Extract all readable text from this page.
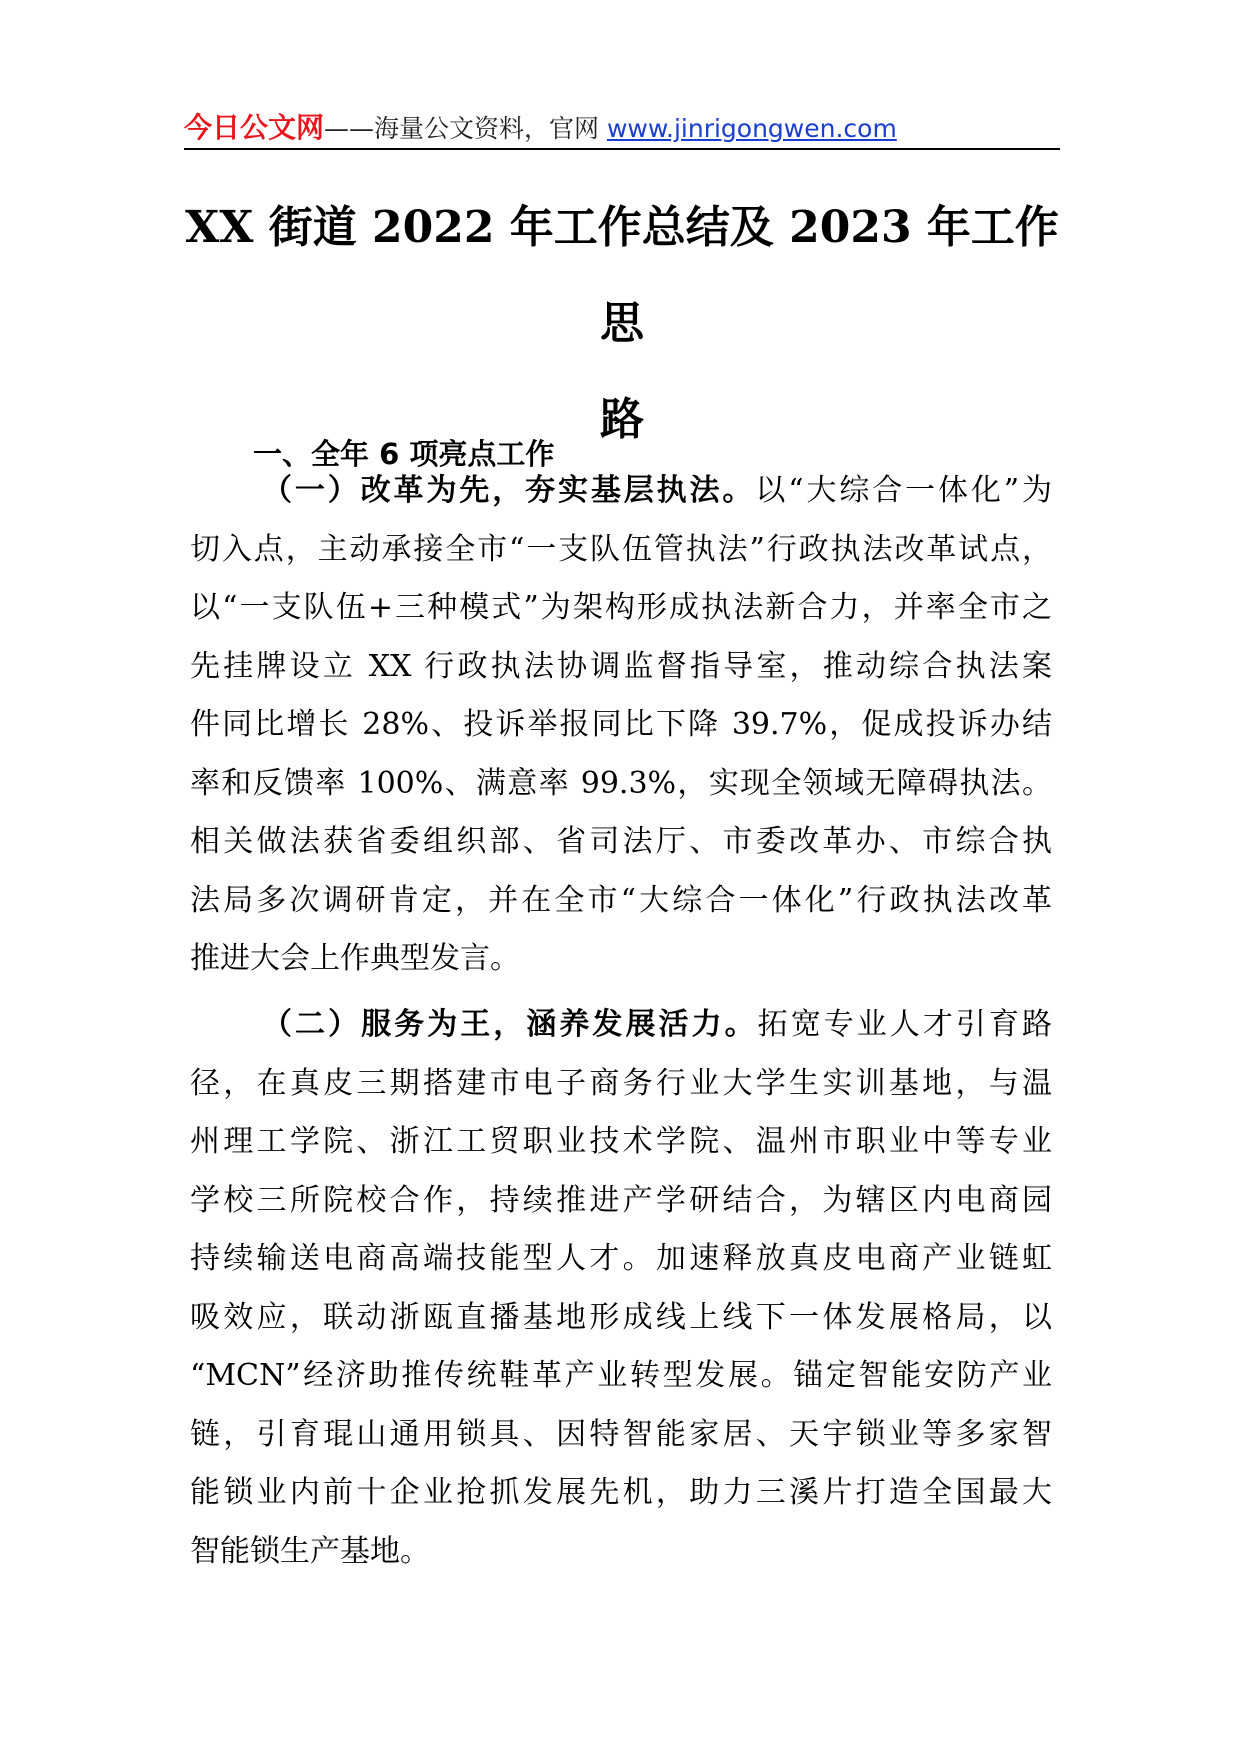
今日公文网——海量公文资料，官网 www.jinrigongwen.com
XX 街道 2022 年工作总结及 2023 年工作思
路
一、全年 6 项亮点工作
（一）改革为先，夯实基层执法。以“大综合一体化”为
切入点，主动承接全市“一支队伍管执法”行政执法改革试点，
以“一支队伍+三种模式”为架构形成执法新合力，并率全市之
先挂牌设立 XX 行政执法协调监督指导室，推动综合执法案
件同比增长 28%、投诉举报同比下降 39.7%，促成投诉办结
率和反馈率 100%、满意率 99.3%，实现全领域无障碍执法。
相关做法获省委组织部、省司法厅、市委改革办、市综合执
法局多次调研肯定，并在全市“大综合一体化”行政执法改革
推进大会上作典型发言。
（二）服务为王，涵养发展活力。拓宽专业人才引育路
径，在真皮三期搭建市电子商务行业大学生实训基地，与温
州理工学院、浙江工贸职业技术学院、温州市职业中等专业
学校三所院校合作，持续推进产学研结合，为辖区内电商园
持续输送电商高端技能型人才。加速释放真皮电商产业链虹
吸效应，联动浙瓯直播基地形成线上线下一体发展格局，以
“MCN”经济助推传统鞋革产业转型发展。锚定智能安防产业
链，引育琨山通用锁具、因特智能家居、天宇锁业等多家智
能锁业内前十企业抢抓发展先机，助力三溪片打造全国最大
智能锁生产基地。
